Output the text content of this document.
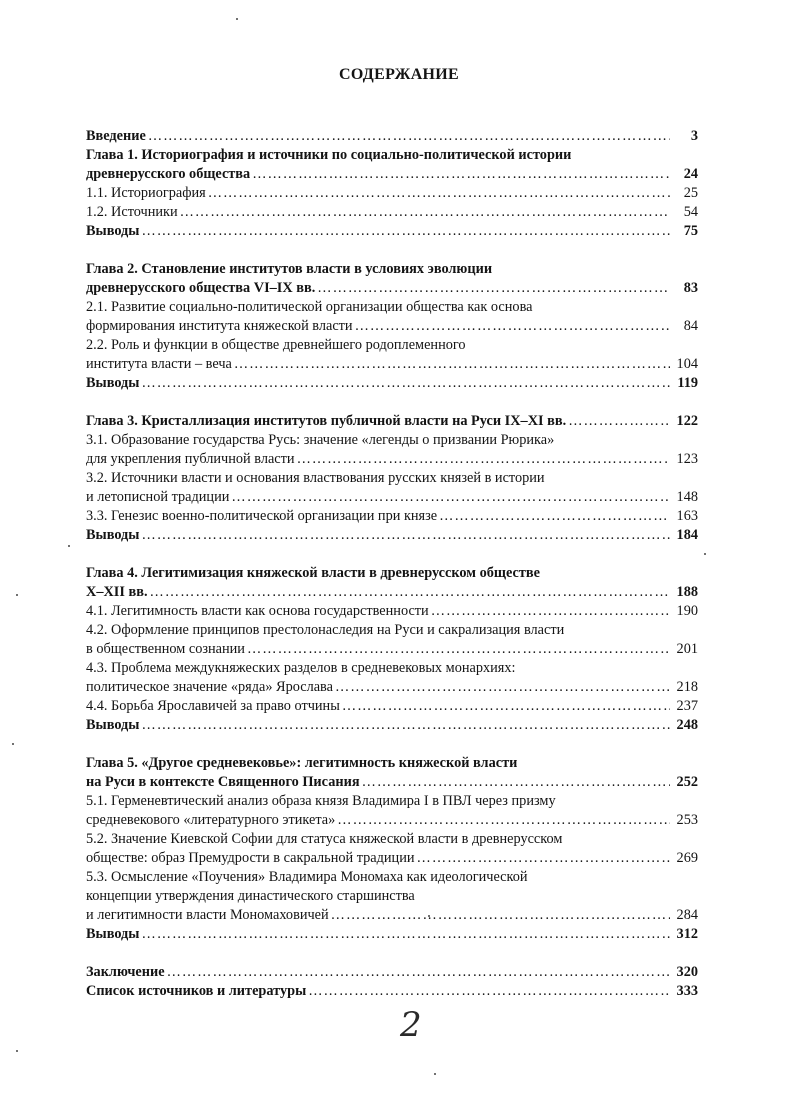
СОДЕРЖАНИЕ
Введение …………………………………………………………………………………………………………………………………………………………………………………………………………	3
Глава 1. Историография и источники по социально-политической истории
древнерусского общества …………………………………………………………………………………………………………………………………………………………………………………………………………	24
1.1. Историография …………………………………………………………………………………………………………………………………………………………………………………………………………	25
1.2. Источники …………………………………………………………………………………………………………………………………………………………………………………………………………	54
Выводы …………………………………………………………………………………………………………………………………………………………………………………………………………	75
Глава 2. Становление институтов власти в условиях эволюции
древнерусского общества VI–IX вв. …………………………………………………………………………………………………………………………………………………………………………………………………………	83
2.1. Развитие социально-политической организации общества как основа
формирования института княжеской власти …………………………………………………………………………………………………………………………………………………………………………………………………………	84
2.2. Роль и функции в обществе древнейшего родоплеменного
института власти – веча …………………………………………………………………………………………………………………………………………………………………………………………………………	104
Выводы …………………………………………………………………………………………………………………………………………………………………………………………………………	119
Глава 3. Кристаллизация институтов публичной власти на Руси IX–XI вв. …………………………………………………………………………………………………………………………………………………………………………………………………………	122
3.1. Образование государства Русь: значение «легенды о призвании Рюрика»
для укрепления публичной власти …………………………………………………………………………………………………………………………………………………………………………………………………………	123
3.2. Источники власти и основания властвования русских князей в истории
и летописной традиции …………………………………………………………………………………………………………………………………………………………………………………………………………	148
3.3. Генезис военно-политической организации при князе …………………………………………………………………………………………………………………………………………………………………………………………………………	163
Выводы …………………………………………………………………………………………………………………………………………………………………………………………………………	184
Глава 4. Легитимизация княжеской власти в древнерусском обществе
X–XII вв. …………………………………………………………………………………………………………………………………………………………………………………………………………	188
4.1. Легитимность власти как основа государственности …………………………………………………………………………………………………………………………………………………………………………………………………………	190
4.2. Оформление принципов престолонаследия на Руси и сакрализация власти
в общественном сознании …………………………………………………………………………………………………………………………………………………………………………………………………………	201
4.3. Проблема междукняжеских разделов в средневековых монархиях:
политическое значение «ряда» Ярослава …………………………………………………………………………………………………………………………………………………………………………………………………………	218
4.4. Борьба Ярославичей за право отчины …………………………………………………………………………………………………………………………………………………………………………………………………………	237
Выводы …………………………………………………………………………………………………………………………………………………………………………………………………………	248
Глава 5. «Другое средневековье»: легитимность княжеской власти
на Руси в контексте Священного Писания …………………………………………………………………………………………………………………………………………………………………………………………………………	252
5.1. Герменевтический анализ образа князя Владимира I в ПВЛ через призму
средневекового «литературного этикета» …………………………………………………………………………………………………………………………………………………………………………………………………………	253
5.2. Значение Киевской Софии для статуса княжеской власти в древнерусском
обществе: образ Премудрости в сакральной традиции …………………………………………………………………………………………………………………………………………………………………………………………………………	269
5.3. Осмысление «Поучения» Владимира Мономаха как идеологической
концепции утверждения династического старшинства
и легитимности власти Мономаховичей …………………………………………………………………………………………………………………………………………………………………………………………………………	284
Выводы …………………………………………………………………………………………………………………………………………………………………………………………………………	312
Заключение …………………………………………………………………………………………………………………………………………………………………………………………………………	320
Список источников и литературы …………………………………………………………………………………………………………………………………………………………………………………………………………	333
2
